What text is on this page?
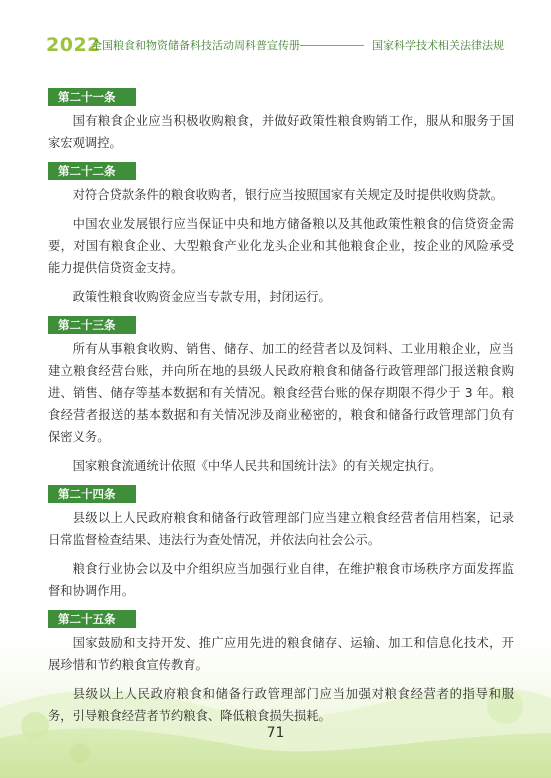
2022
全国粮食和物资储备科技活动周科普宣传册	国家科学技术相关法律法规
第二十一条

国有粮食企业应当积极收购粮食，并做好政策性粮食购销工作，服从和服务于国家宏观调控。

第二十二条

对符合贷款条件的粮食收购者，银行应当按照国家有关规定及时提供收购贷款。

中国农业发展银行应当保证中央和地方储备粮以及其他政策性粮食的信贷资金需要，对国有粮食企业、大型粮食产业化龙头企业和其他粮食企业，按企业的风险承受能力提供信贷资金支持。

政策性粮食收购资金应当专款专用，封闭运行。

第二十三条

所有从事粮食收购、销售、储存、加工的经营者以及饲料、工业用粮企业，应当建立粮食经营台账，并向所在地的县级人民政府粮食和储备行政管理部门报送粮食购进、销售、储存等基本数据和有关情况。粮食经营台账的保存期限不得少于 3 年。粮食经营者报送的基本数据和有关情况涉及商业秘密的，粮食和储备行政管理部门负有保密义务。

国家粮食流通统计依照《中华人民共和国统计法》的有关规定执行。

第二十四条

县级以上人民政府粮食和储备行政管理部门应当建立粮食经营者信用档案，记录日常监督检查结果、违法行为查处情况，并依法向社会公示。

粮食行业协会以及中介组织应当加强行业自律，在维护粮食市场秩序方面发挥监督和协调作用。

第二十五条

国家鼓励和支持开发、推广应用先进的粮食储存、运输、加工和信息化技术，开展珍惜和节约粮食宣传教育。

县级以上人民政府粮食和储备行政管理部门应当加强对粮食经营者的指导和服务，引导粮食经营者节约粮食、降低粮食损失损耗。

71
